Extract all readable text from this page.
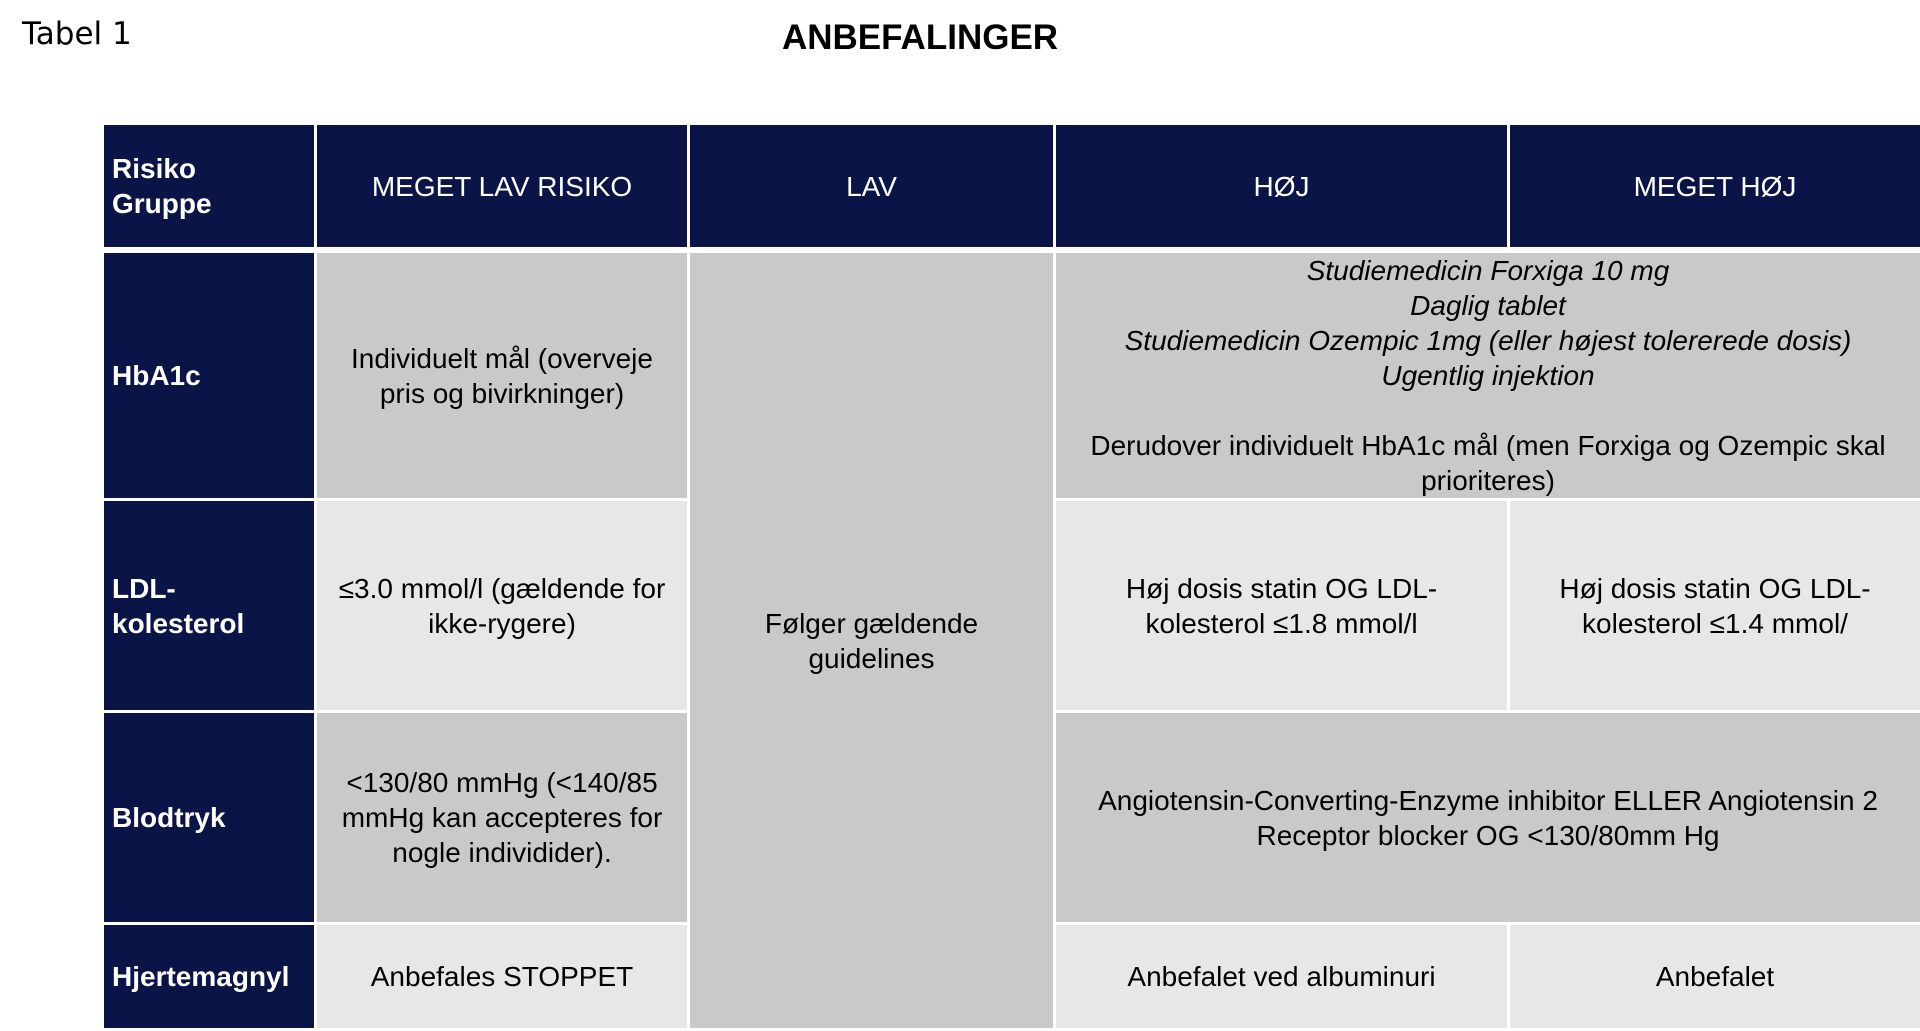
Tabel 1	ANBEFALINGER
Risiko Gruppe	MEGET LAV RISIKO	LAV	HØJ	MEGET HØJ
HbA1c	Individuelt mål (overveje pris og bivirkninger)	Følger gældende guidelines	Studiemedicin Forxiga 10 mg
Daglig tablet
Studiemedicin Ozempic 1mg (eller højest tolererede dosis)
Ugentlig injektion
Derudover individuelt HbA1c mål (men Forxiga og Ozempic skal prioriteres)	

LDL-kolesterol	≤3.0 mmol/l (gældende for ikke-rygere)		Høj dosis statin OG LDL-kolesterol ≤1.8 mmol/l	Høj dosis statin OG LDL-kolesterol ≤1.4 mmol/
Blodtryk	<130/80 mmHg (<140/85 mmHg kan accepteres for nogle individider).		Angiotensin-Converting-Enzyme inhibitor ELLER Angiotensin 2 Receptor blocker OG <130/80mm Hg	
Hjertemagnyl	Anbefales STOPPET		Anbefalet ved albuminuri	Anbefalet
